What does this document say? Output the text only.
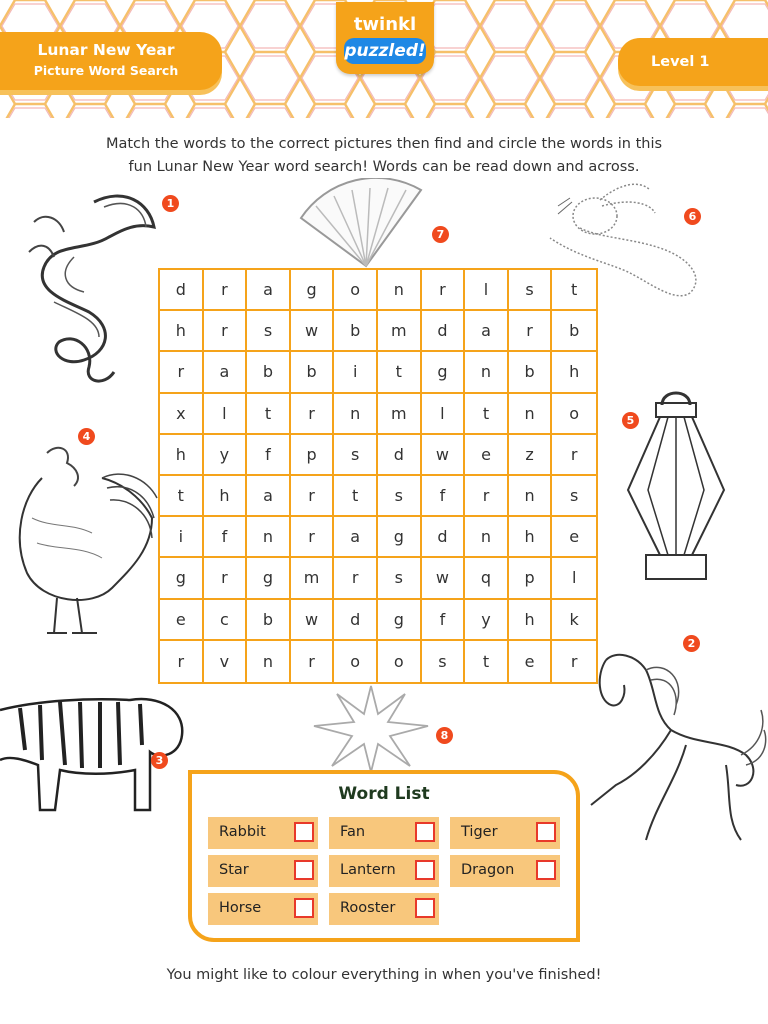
Lunar New Year
Picture Word Search
twinkl
puzzled!
Level 1
Match the words to the correct pictures then find and circle the words in this
fun Lunar New Year word search! Words can be read down and across.
1
7
6
4
5
3
8
2
d	r	a	g	o	n	r	l	s	t
h	r	s	w	b	m	d	a	r	b
r	a	b	b	i	t	g	n	b	h
x	l	t	r	n	m	l	t	n	o
h	y	f	p	s	d	w	e	z	r
t	h	a	r	t	s	f	r	n	s
i	f	n	r	a	g	d	n	h	e
g	r	g	m	r	s	w	q	p	l
e	c	b	w	d	g	f	y	h	k
r	v	n	r	o	o	s	t	e	r
Word List
Rabbit	Fan	Tiger
Star	Lantern	Dragon
Horse	Rooster
You might like to colour everything in when you've finished!
